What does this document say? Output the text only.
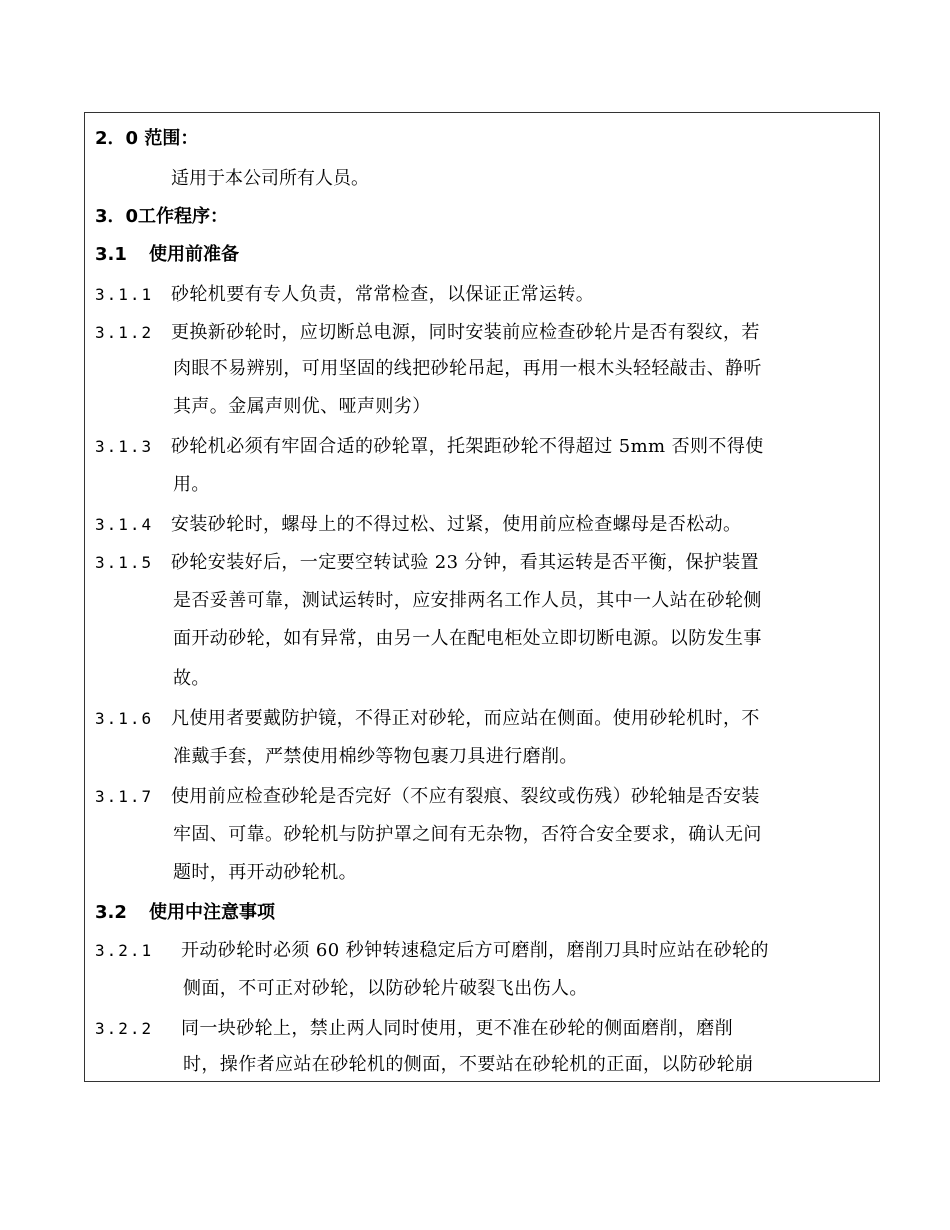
2．0 范围：
适用于本公司所有人员。
3．0工作程序：
3.1 使用前准备
3.1.1 砂轮机要有专人负责，常常检查，以保证正常运转。
3.1.2 更换新砂轮时，应切断总电源，同时安装前应检查砂轮片是否有裂纹，若
肉眼不易辨别，可用坚固的线把砂轮吊起，再用一根木头轻轻敲击、静听
其声。金属声则优、哑声则劣）
3.1.3 砂轮机必须有牢固合适的砂轮罩，托架距砂轮不得超过 5mm 否则不得使
用。
3.1.4 安装砂轮时，螺母上的不得过松、过紧，使用前应检查螺母是否松动。
3.1.5 砂轮安装好后，一定要空转试验 23 分钟，看其运转是否平衡，保护装置
是否妥善可靠，测试运转时，应安排两名工作人员，其中一人站在砂轮侧
面开动砂轮，如有异常，由另一人在配电柜处立即切断电源。以防发生事
故。
3.1.6 凡使用者要戴防护镜，不得正对砂轮，而应站在侧面。使用砂轮机时，不
准戴手套，严禁使用棉纱等物包裹刀具进行磨削。
3.1.7 使用前应检查砂轮是否完好（不应有裂痕、裂纹或伤残）砂轮轴是否安装
牢固、可靠。砂轮机与防护罩之间有无杂物，否符合安全要求，确认无问
题时，再开动砂轮机。
3.2 使用中注意事项
3.2.1 开动砂轮时必须 60 秒钟转速稳定后方可磨削，磨削刀具时应站在砂轮的
侧面，不可正对砂轮，以防砂轮片破裂飞出伤人。
3.2.2 同一块砂轮上，禁止两人同时使用，更不准在砂轮的侧面磨削，磨削
时，操作者应站在砂轮机的侧面，不要站在砂轮机的正面，以防砂轮崩
